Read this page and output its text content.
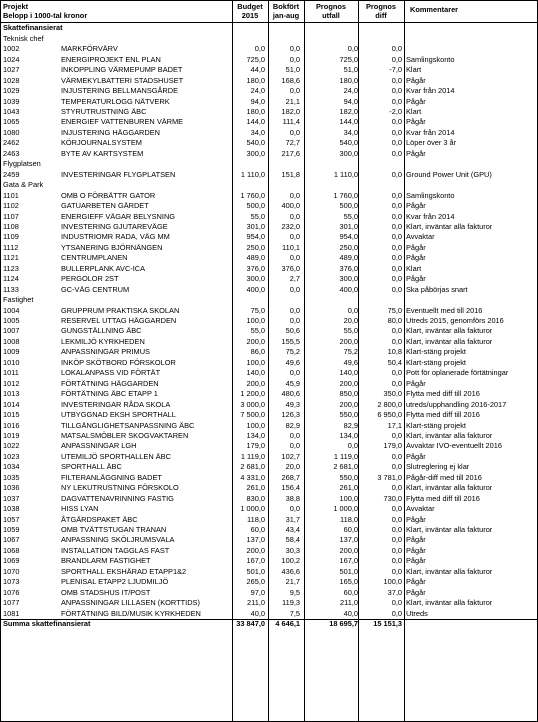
Projekt
Belopp i 1000-tal kronor
Budget
2015
Bokfört
jan-aug
Prognos
utfall
Prognos
diff
Kommentarer
Skattefinansierat
Teknisk chef
1002	MARKFÖRVÄRV	0,0	0,0	0,0	0,0
1024	ENERGIPROJEKT ENL PLAN	725,0	0,0	725,0	0,0 Samlingskonto
1027	INKOPPLING VÄRMEPUMP BADET	44,0	51,0	51,0	-7,0 Klart
1028	VÄRMEKYLBATTERI STADSHUSET	180,0	168,6	180,0	0,0 Pågår
1029	INJUSTERING BELLMANSGÅRDE	24,0	0,0	24,0	0,0 Kvar från 2014
1039	TEMPERATURLOGG NÄTVERK	94,0	21,1	94,0	0,0 Pågår
1043	STYRUTRUSTNING ÄBC	180,0	182,0	182,0	-2,0 Klart
1065	ENERGIEF VATTENBUREN VÄRME	144,0	111,4	144,0	0,0 Pågår
1080	INJUSTERING HÄGGARDEN	34,0	0,0	34,0	0,0 Kvar från 2014
2462	KÖRJOURNALSYSTEM	540,0	72,7	540,0	0,0 Löper över 3 år
2463	BYTE AV KARTSYSTEM	300,0	217,6	300,0	0,0 Pågår
Flygplatsen
2459	INVESTERINGAR FLYGPLATSEN	1 110,0	151,8	1 110,0	0,0 Ground Power Unit (GPU)
Gata & Park
1101	OMB O FÖRBÄTTR GATOR	1 760,0	0,0	1 760,0	0,0 Samlingskonto
1102	GATUARBETEN GÄRDET	500,0	400,0	500,0	0,0 Pågår
1107	ENERGIEFF VÄGAR BELYSNING	55,0	0,0	55,0	0,0 Kvar från 2014
1108	INVESTERING GJUTAREVÄGE	301,0	232,0	301,0	0,0 Klart, inväntar alla fakturor
1109	INDUSTRIOMR RADA, VÄG MM	954,0	0,0	954,0	0,0 Avvaktar
1112	YTSANERING BJÖRNÄNGEN	250,0	110,1	250,0	0,0 Pågår
1121	CENTRUMPLANEN	489,0	0,0	489,0	0,0 Pågår
1123	BULLERPLANK AVC-ICA	376,0	376,0	376,0	0,0 Klart
1124	PERGOLOR 2ST	300,0	2,7	300,0	0,0 Pågår
1133	GC-VÄG CENTRUM	400,0	0,0	400,0	0,0 Ska påbörjas snart
Fastighet
1004	GRUPPRUM PRAKTISKA SKOLAN	75,0	0,0	0,0	75,0 Eventuellt med till 2016
1005	RESERVEL UTTAG HÄGGARDEN	100,0	0,0	20,0	80,0 Utreds 2015, genomförs 2016
1007	GUNGSTÄLLNING ÄBC	55,0	50,6	55,0	0,0 Klart, inväntar alla fakturor
1008	LEKMILJÖ KYRKHEDEN	200,0	155,5	200,0	0,0 Klart, inväntar alla fakturor
1009	ANPASSNINGAR PRIMUS	86,0	75,2	75,2	10,8 Klart-stäng projekt
1010	INKÖP SKÖTBORD FÖRSKOLOR	100,0	49,6	49,6	50,4 Klart-stäng projekt
1011	LOKALANPASS VID FÖRTÄT	140,0	0,0	140,0	0,0 Pott för oplanerade förtätningar
1012	FÖRTÄTNING HÄGGARDEN	200,0	45,9	200,0	0,0 Pågår
1013	FÖRTÄTNING ÄBC ETAPP 1	1 200,0	480,6	850,0	350,0 Flytta med diff till 2016
1014	INVESTERINGAR RÅDA SKOLA	3 000,0	49,3	200,0	2 800,0 utreds/upphandling 2016-2017
1015	UTBYGGNAD EKSH SPORTHALL	7 500,0	126,3	550,0	6 950,0 Flytta med diff till 2016
1016	TILLGÄNGLIGHETSANPASSNING ÄBC	100,0	82,9	82,9	17,1 Klart-stäng projekt
1019	MATSALSMÖBLER SKOGVAKTAREN	134,0	0,0	134,0	0,0 Klart, inväntar alla fakturor
1022	ANPASSNINGAR LGH	179,0	0,0	0,0	179,0 Avvaktar IVO-eventuellt 2016
1023	UTEMILJÖ SPORTHALLEN ÄBC	1 119,0	102,7	1 119,0	0,0 Pågår
1034	SPORTHALL ÄBC	2 681,0	20,0	2 681,0	0,0 Slutreglering ej klar
1035	FILTERANLÄGGNING BADET	4 331,0	268,7	550,0	3 781,0 Pågår-diff med till 2016
1036	NY LEKUTRUSTNING FÖRSKOLO	261,0	156,4	261,0	0,0 Klart, inväntar alla fakturor
1037	DAGVATTENAVRINNING FASTIG	830,0	38,8	100,0	730,0 Flytta med diff till 2016
1038	HISS LYAN	1 000,0	0,0	1 000,0	0,0 Avvaktar
1057	ÅTGÄRDSPAKET ÄBC	118,0	31,7	118,0	0,0 Pågår
1059	OMB TVÄTTSTUGAN TRANAN	60,0	43,4	60,0	0,0 Klart, inväntar alla fakturor
1067	ANPASSNING SKÖLJRUMSVALA	137,0	58,4	137,0	0,0 Pågår
1068	INSTALLATION TAGGLAS FAST	200,0	30,3	200,0	0,0 Pågår
1069	BRANDLARM FASTIGHET	167,0	100,2	167,0	0,0 Pågår
1070	SPORTHALL EKSHÄRAD ETAPP1&2	501,0	436,6	501,0	0,0 Klart, inväntar alla fakturor
1073	PLENISAL ETAPP2 LJUDMILJÖ	265,0	21,7	165,0	100,0 Pågår
1076	OMB STADSHUS IT/POST	97,0	9,5	60,0	37,0 Pågår
1077	ANPASSNINGAR LILLASEN (KORTTIDS)	211,0	119,3	211,0	0,0 Klart, inväntar alla fakturor
1081	FÖRTÄTNING BILD/MUSIK KYRKHEDEN	40,0	7,5	40,0	0,0 Utreds
Summa skattefinansierat	33 847,0	4 646,1	18 695,7	15 151,3
